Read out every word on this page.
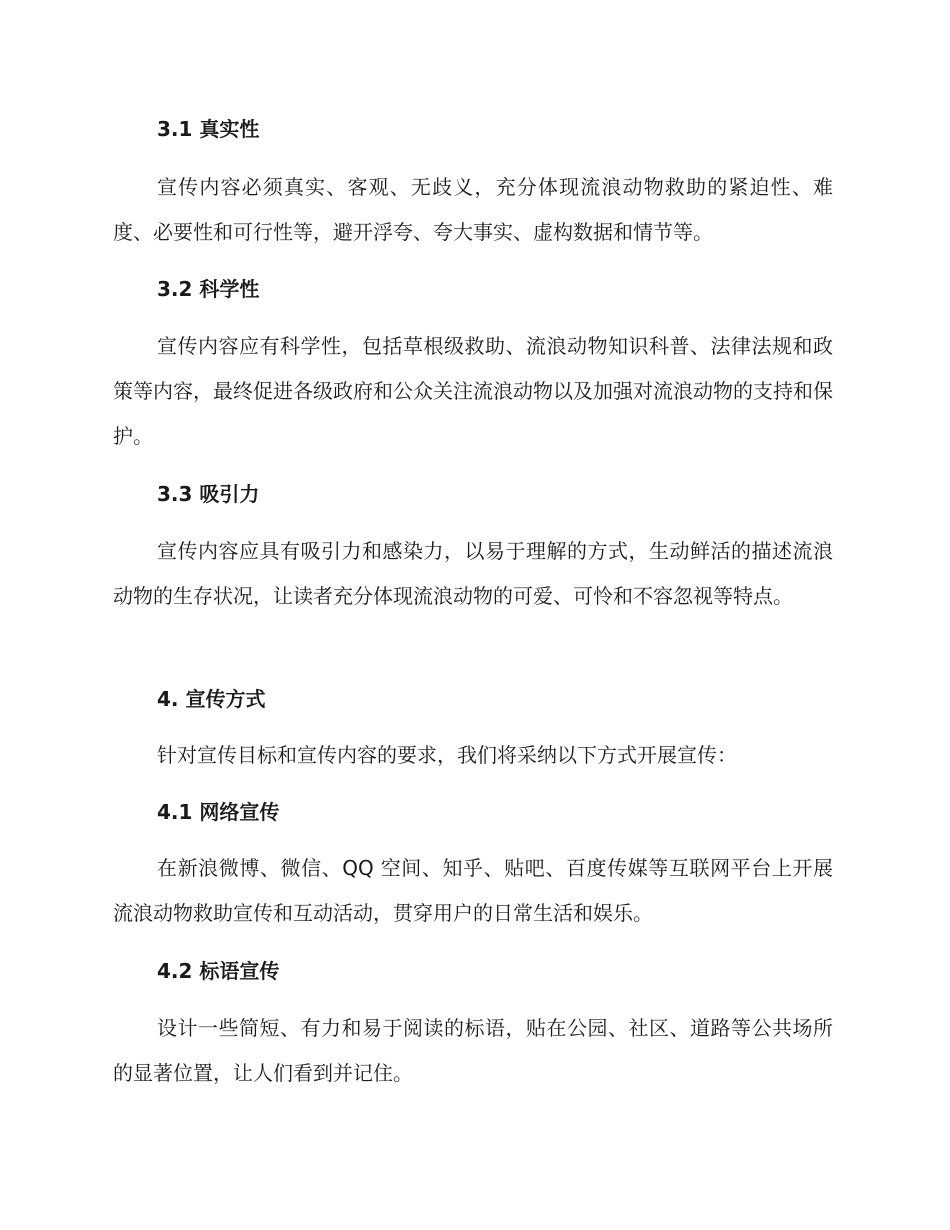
3.1 真实性

宣传内容必须真实、客观、无歧义，充分体现流浪动物救助的紧迫性、难度、必要性和可行性等，避开浮夸、夸大事实、虚构数据和情节等。

3.2 科学性

宣传内容应有科学性，包括草根级救助、流浪动物知识科普、法律法规和政策等内容，最终促进各级政府和公众关注流浪动物以及加强对流浪动物的支持和保护。

3.3 吸引力

宣传内容应具有吸引力和感染力，以易于理解的方式，生动鲜活的描述流浪动物的生存状况，让读者充分体现流浪动物的可爱、可怜和不容忽视等特点。

4. 宣传方式

针对宣传目标和宣传内容的要求，我们将采纳以下方式开展宣传：

4.1 网络宣传

在新浪微博、微信、QQ 空间、知乎、贴吧、百度传媒等互联网平台上开展流浪动物救助宣传和互动活动，贯穿用户的日常生活和娱乐。

4.2 标语宣传

设计一些简短、有力和易于阅读的标语，贴在公园、社区、道路等公共场所的显著位置，让人们看到并记住。
